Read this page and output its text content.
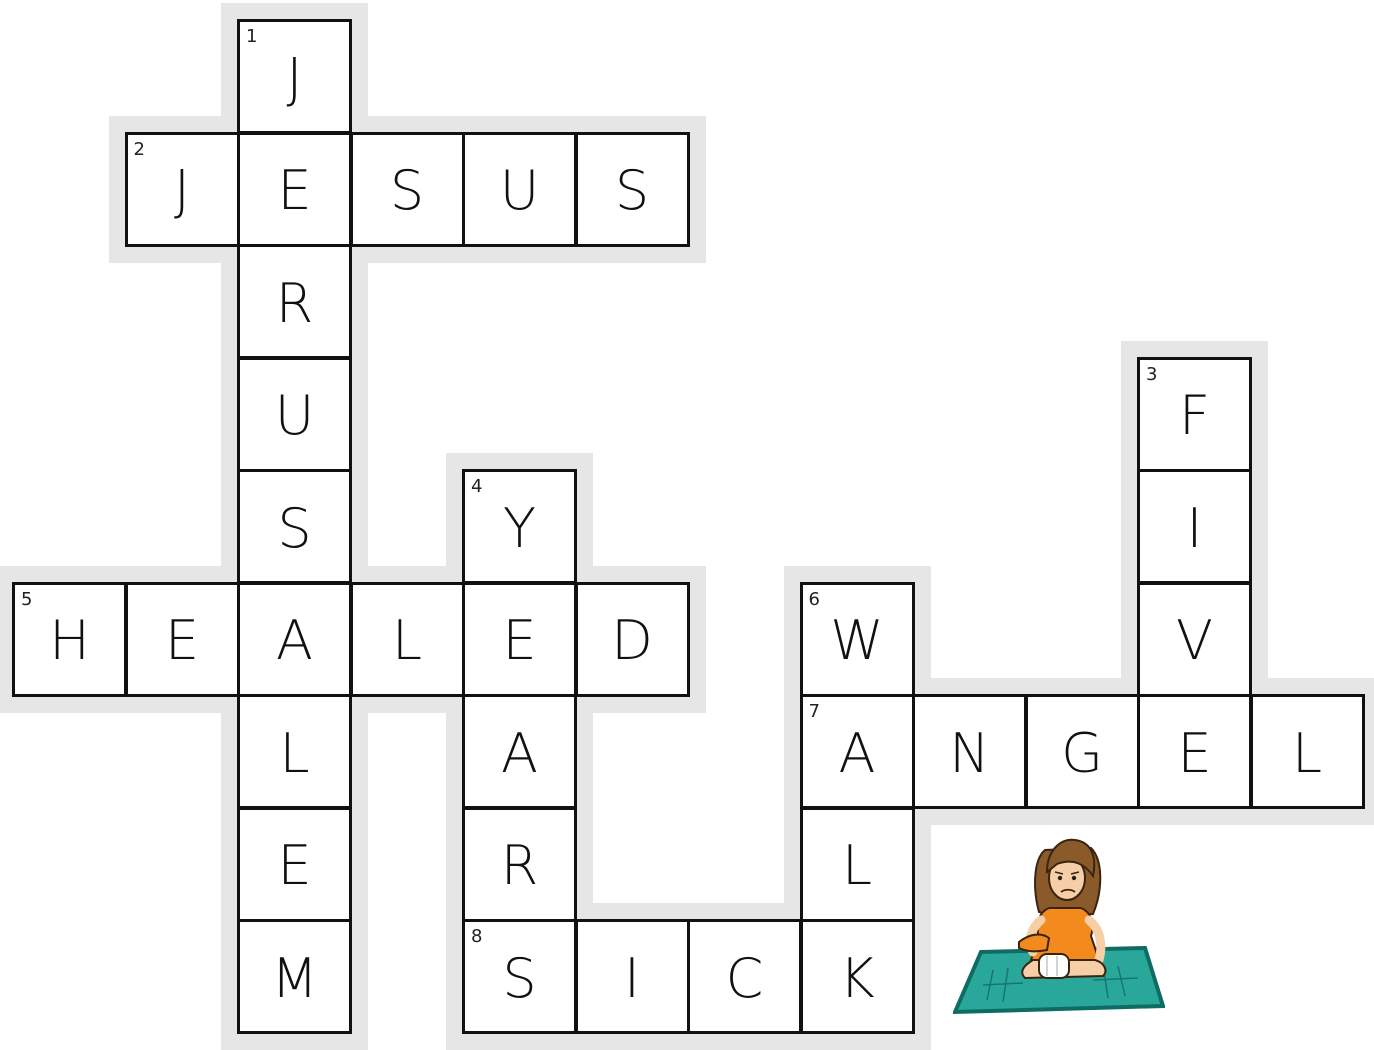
1
J
2
J	E	S	U	S
R
U
3
F
S
4
Y	I
5
H	E	A	L	E	D
6
W	V
L	A
7
A	N	G	E	L
E	R	L
M
8
S	I	C	K
